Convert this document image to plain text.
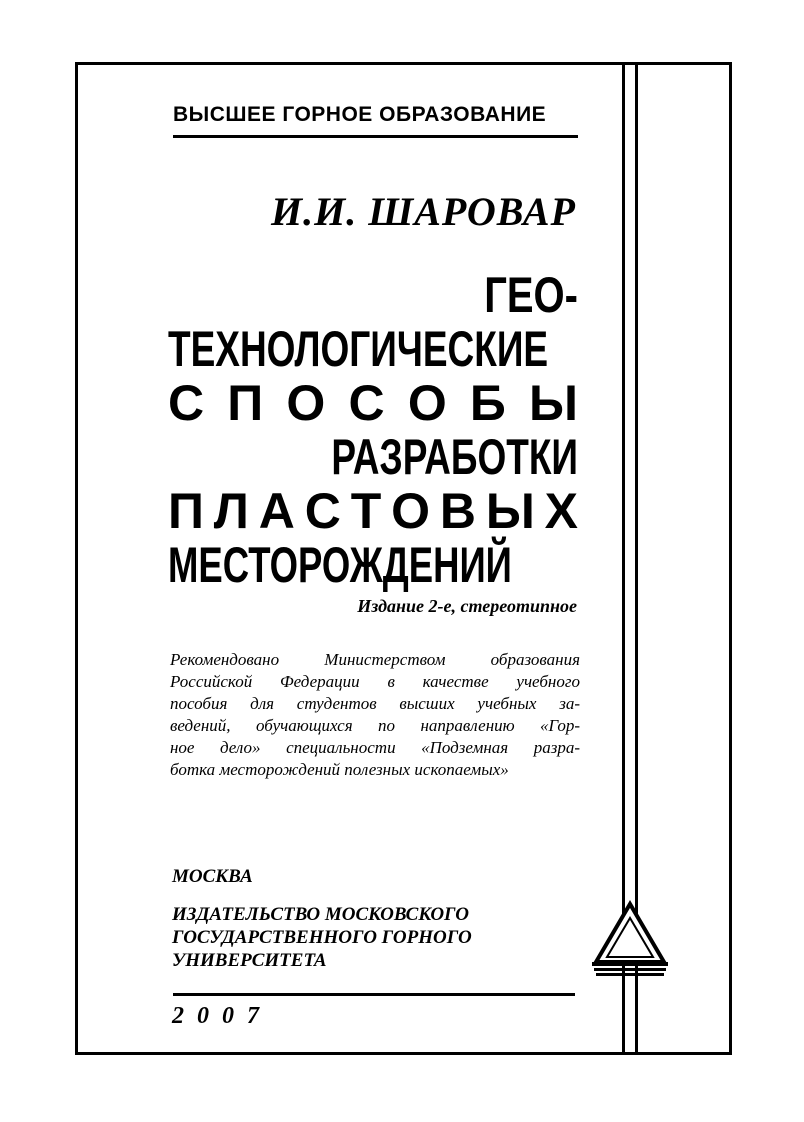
ВЫСШЕЕ ГОРНОЕ ОБРАЗОВАНИЕ
И.И. ШАРОВАР
ГЕО-
ТЕХНОЛОГИЧЕСКИЕ
С П О С О Б Ы
РАЗРАБОТКИ
П Л А С Т О В Ы Х
МЕСТОРОЖДЕНИЙ
Издание 2-е, стереотипное
Рекомендовано Министерством образования
Российской Федерации в качестве учебного
пособия для студентов высших учебных за-
ведений, обучающихся по направлению «Гор-
ное дело» специальности «Подземная разра-
ботка месторождений полезных ископаемых»
МОСКВА
ИЗДАТЕЛЬСТВО МОСКОВСКОГО
ГОСУДАРСТВЕННОГО ГОРНОГО
УНИВЕРСИТЕТА
2007
